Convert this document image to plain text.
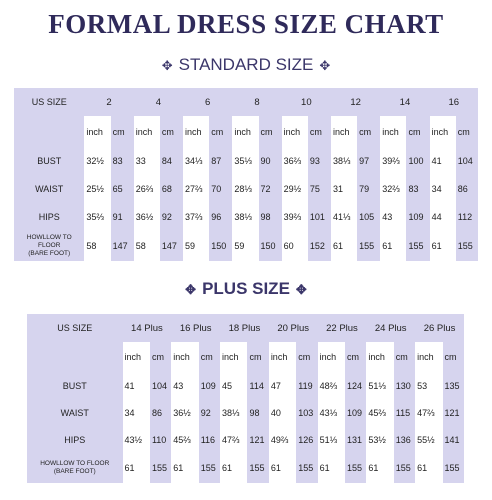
FORMAL DRESS SIZE CHART
✥ STANDARD SIZE ✥
US SIZE	2		4		6		8		10		12		14		16	
	inch	cm	inch	cm	inch	cm	inch	cm	inch	cm	inch	cm	inch	cm	inch	cm
BUST	32½	83	33	84	34⅓	87	35⅓	90	36⅔	93	38⅓	97	39⅔	100	41	104
WAIST	25½	65	26⅔	68	27⅔	70	28⅓	72	29½	75	31	79	32⅔	83	34	86
HIPS	35⅔	91	36½	92	37⅔	96	38⅓	98	39⅔	101	41⅓	105	43	109	44	112

HOWLLOW TO
FLOOR
(BARE FOOT)	58	147	58	147	59	150	59	150	60	152	61	155	61	155	61	155
✥ PLUS SIZE ✥
US SIZE	14 Plus		16 Plus		18 Plus		20 Plus		22 Plus		24 Plus		26 Plus	
	inch	cm	inch	cm	inch	cm	inch	cm	inch	cm	inch	cm	inch	cm
BUST	41	104	43	109	45	114	47	119	48⅔	124	51⅓	130	53	135
WAIST	34	86	36½	92	38⅓	98	40	103	43⅓	109	45⅔	115	47⅔	121
HIPS	43½	110	45⅔	116	47⅔	121	49⅔	126	51⅓	131	53½	136	55½	141

HOWLLOW TO FLOOR
(BARE FOOT)	61	155	61	155	61	155	61	155	61	155	61	155	61	155
